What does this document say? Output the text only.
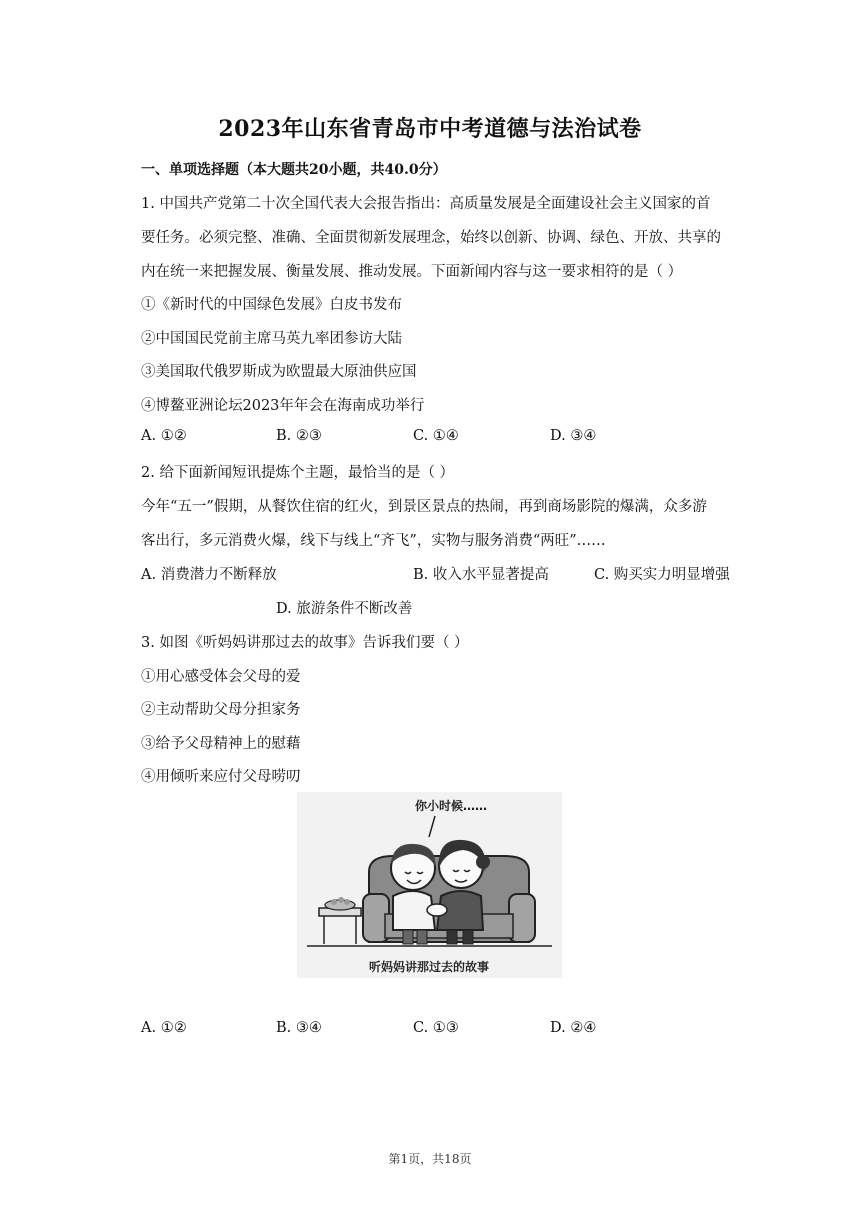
2023年山东省青岛市中考道德与法治试卷
一、单项选择题（本大题共20小题，共40.0分）
1. 中国共产党第二十次全国代表大会报告指出：高质量发展是全面建设社会主义国家的首
要任务。必须完整、准确、全面贯彻新发展理念，始终以创新、协调、绿色、开放、共享的
内在统一来把握发展、衡量发展、推动发展。下面新闻内容与这一要求相符的是（ ）
①《新时代的中国绿色发展》白皮书发布
②中国国民党前主席马英九率团参访大陆
③美国取代俄罗斯成为欧盟最大原油供应国
④博鳌亚洲论坛2023年年会在海南成功举行
A. ①②	B. ②③	C. ①④	D. ③④
2. 给下面新闻短讯提炼个主题，最恰当的是（ ）
今年“五一”假期，从餐饮住宿的红火，到景区景点的热闹，再到商场影院的爆满，众多游
客出行，多元消费火爆，线下与线上“齐飞”，实物与服务消费“两旺”……
A. 消费潜力不断释放	B. 收入水平显著提高	C. 购买实力明显增强
D. 旅游条件不断改善
3. 如图《听妈妈讲那过去的故事》告诉我们要（ ）
①用心感受体会父母的爱
②主动帮助父母分担家务
③给予父母精神上的慰藉
④用倾听来应付父母唠叨
你小时候……
听妈妈讲那过去的故事
A. ①②	B. ③④	C. ①③	D. ②④
第1页，共18页
